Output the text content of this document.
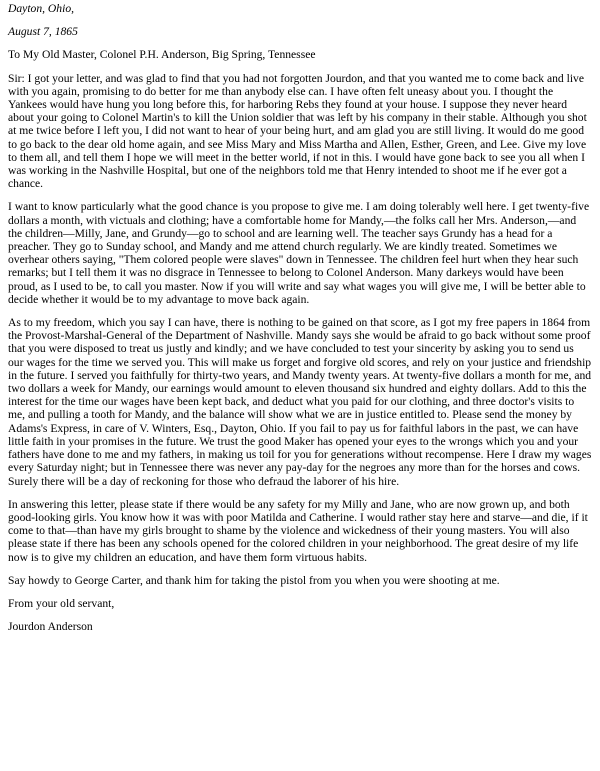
Dayton, Ohio,

August 7, 1865

To My Old Master, Colonel P.H. Anderson, Big Spring, Tennessee

Sir: I got your letter, and was glad to find that you had not forgotten Jourdon, and that you wanted me to come back and live with you again, promising to do better for me than anybody else can. I have often felt uneasy about you. I thought the Yankees would have hung you long before this, for harboring Rebs they found at your house. I suppose they never heard about your going to Colonel Martin's to kill the Union soldier that was left by his company in their stable. Although you shot at me twice before I left you, I did not want to hear of your being hurt, and am glad you are still living. It would do me good to go back to the dear old home again, and see Miss Mary and Miss Martha and Allen, Esther, Green, and Lee. Give my love to them all, and tell them I hope we will meet in the better world, if not in this. I would have gone back to see you all when I was working in the Nashville Hospital, but one of the neighbors told me that Henry intended to shoot me if he ever got a chance.

I want to know particularly what the good chance is you propose to give me. I am doing tolerably well here. I get twenty-five dollars a month, with victuals and clothing; have a comfortable home for Mandy,—the folks call her Mrs. Anderson,—and the children—Milly, Jane, and Grundy—go to school and are learning well. The teacher says Grundy has a head for a preacher. They go to Sunday school, and Mandy and me attend church regularly. We are kindly treated. Sometimes we overhear others saying, "Them colored people were slaves" down in Tennessee. The children feel hurt when they hear such remarks; but I tell them it was no disgrace in Tennessee to belong to Colonel Anderson. Many darkeys would have been proud, as I used to be, to call you master. Now if you will write and say what wages you will give me, I will be better able to decide whether it would be to my advantage to move back again.

As to my freedom, which you say I can have, there is nothing to be gained on that score, as I got my free papers in 1864 from the Provost-Marshal-General of the Department of Nashville. Mandy says she would be afraid to go back without some proof that you were disposed to treat us justly and kindly; and we have concluded to test your sincerity by asking you to send us our wages for the time we served you. This will make us forget and forgive old scores, and rely on your justice and friendship in the future. I served you faithfully for thirty-two years, and Mandy twenty years. At twenty-five dollars a month for me, and two dollars a week for Mandy, our earnings would amount to eleven thousand six hundred and eighty dollars. Add to this the interest for the time our wages have been kept back, and deduct what you paid for our clothing, and three doctor's visits to me, and pulling a tooth for Mandy, and the balance will show what we are in justice entitled to. Please send the money by Adams's Express, in care of V. Winters, Esq., Dayton, Ohio. If you fail to pay us for faithful labors in the past, we can have little faith in your promises in the future. We trust the good Maker has opened your eyes to the wrongs which you and your fathers have done to me and my fathers, in making us toil for you for generations without recompense. Here I draw my wages every Saturday night; but in Tennessee there was never any pay-day for the negroes any more than for the horses and cows. Surely there will be a day of reckoning for those who defraud the laborer of his hire.

In answering this letter, please state if there would be any safety for my Milly and Jane, who are now grown up, and both good-looking girls. You know how it was with poor Matilda and Catherine. I would rather stay here and starve—and die, if it come to that—than have my girls brought to shame by the violence and wickedness of their young masters. You will also please state if there has been any schools opened for the colored children in your neighborhood. The great desire of my life now is to give my children an education, and have them form virtuous habits.

Say howdy to George Carter, and thank him for taking the pistol from you when you were shooting at me.

From your old servant,

Jourdon Anderson
